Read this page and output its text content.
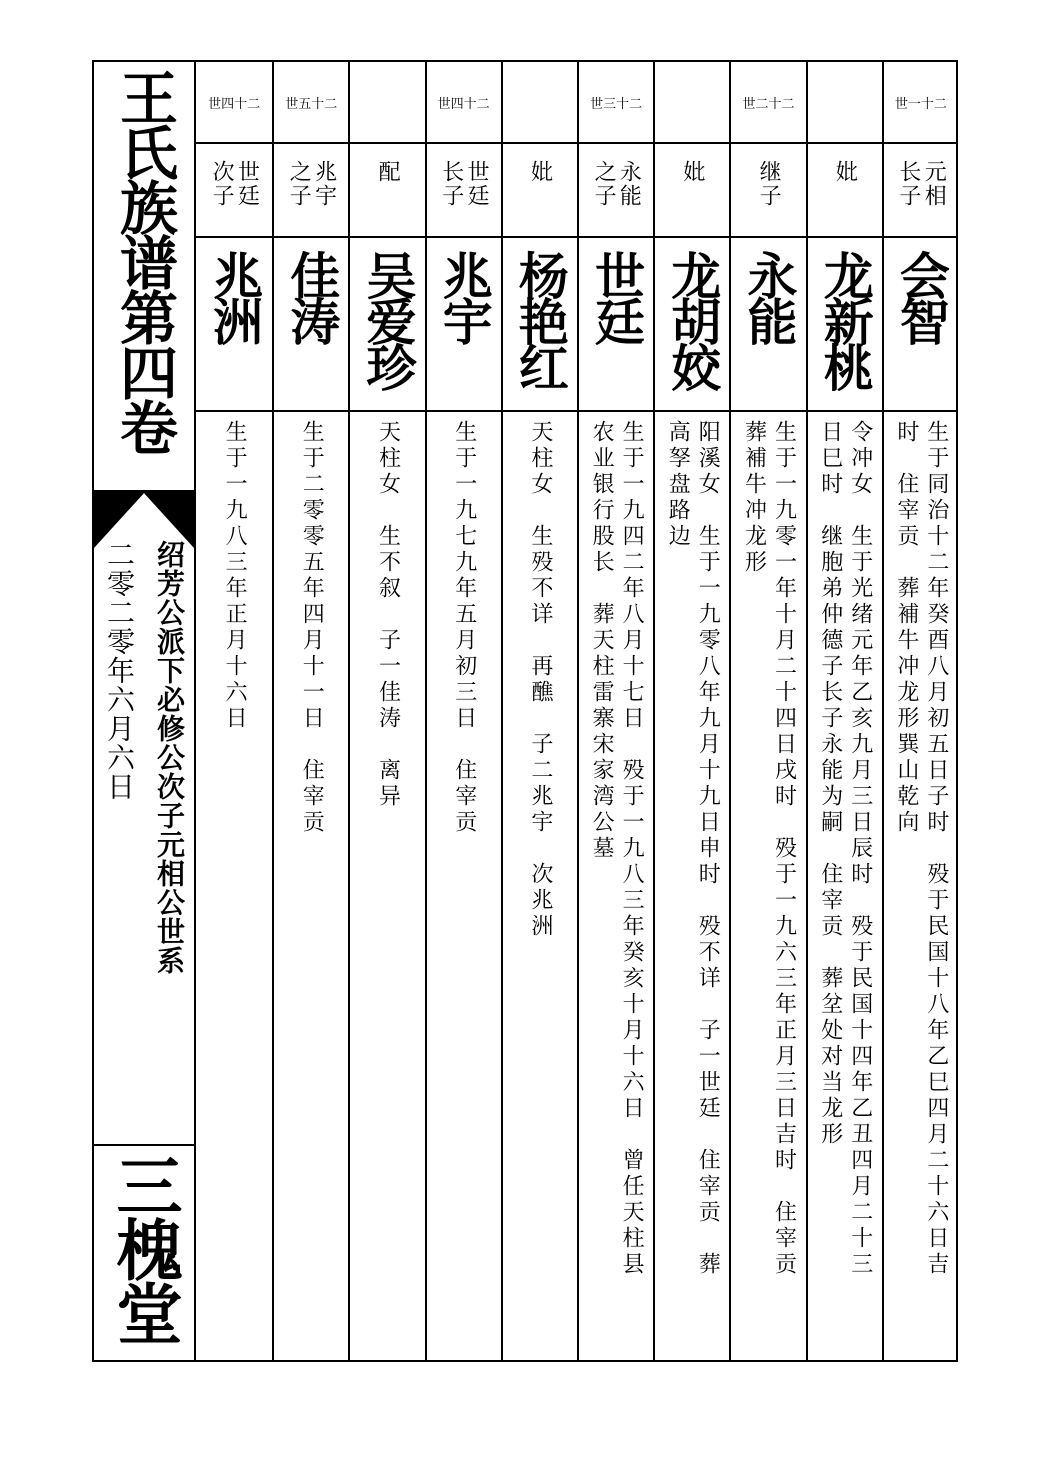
王氏族谱第四卷
绍芳公派下必修公次子元相公世系
二零二零年六月六日
三槐堂
二十四世
世廷
次子
兆洲
生于一九八三年正月十六日
二十五世
兆宇
之子
佳涛
生于二零零五年四月十一日　住宰贡
配
吴爱珍
天柱女　生不叙　子一佳涛　离异
二十四世
世廷
长子
兆宇
生于一九七九年五月初三日　住宰贡
妣
杨艳红
天柱女　生殁不详　再醮　子二兆宇　次兆洲
二十三世
永能
之子
世廷
生于一九四二年八月十七日　殁于一九八三年癸亥十月十六日　曾任天柱县
农业银行股长　葬天柱雷寨宋家湾公墓
妣
龙胡姣
阳溪女　生于一九零八年九月十九日申时　殁不详　子一世廷　住宰贡　葬
高孥盘路边
二十二世
继子
永能
生于一九零一年十月二十四日戌时　殁于一九六三年正月三日吉时　住宰贡
葬補牛冲龙形
妣
龙新桃
令冲女　生于光绪元年乙亥九月三日辰时　殁于民国十四年乙丑四月二十三
日巳时　继胞弟仲德子长子永能为嗣　住宰贡　葬坌处对当龙形
二十一世
元相
长子
会智
生于同治十二年癸酉八月初五日子时　殁于民国十八年乙巳四月二十六日吉
时　住宰贡　葬補牛冲龙形巽山乾向
